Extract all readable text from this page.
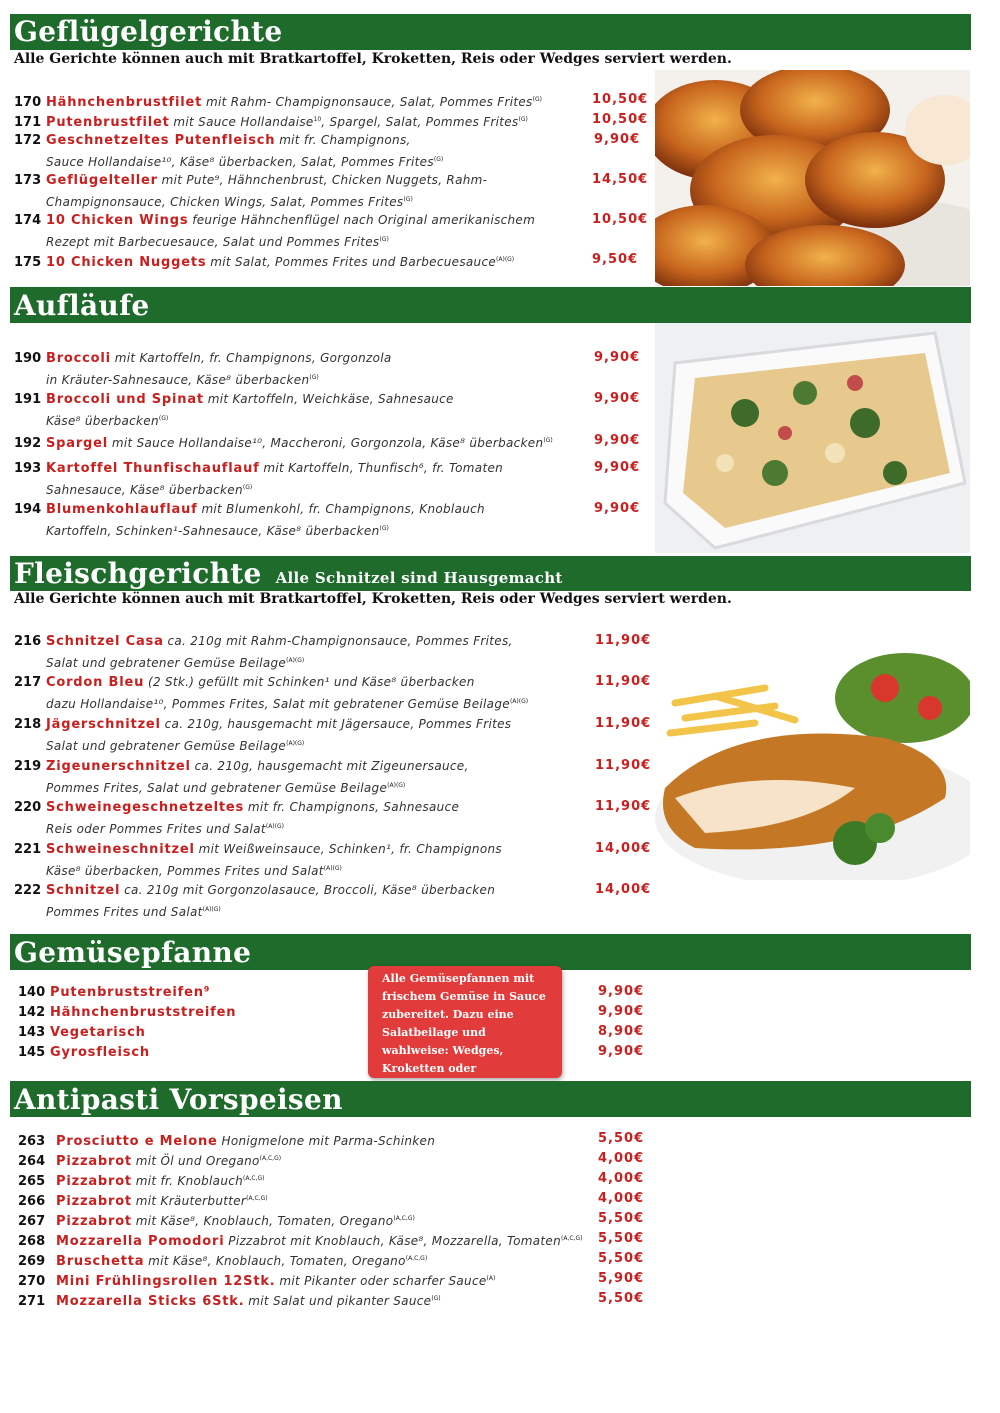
Geflügelgerichte
Alle Gerichte können auch mit Bratkartoffel, Kroketten, Reis oder Wedges serviert werden.
170 Hähnchenbrustfilet mit Rahm- Champignonsauce, Salat, Pommes Frites$^{(G)}$	10,50€
171 Putenbrustfilet mit Sauce Hollandaise$^{10}$, Spargel, Salat, Pommes Frites$^{(G)}$	10,50€
172 Geschnetzeltes Putenfleisch mit fr. Champignons,
Sauce Hollandaise¹⁰, Käse⁸ überbacken, Salat, Pommes Frites$^{(G)}$
9,90€
173 Geflügelteller mit Pute⁹, Hähnchenbrust, Chicken Nuggets, Rahm-
Champignonsauce, Chicken Wings, Salat, Pommes Frites$^{(G)}$
14,50€
174 10 Chicken Wings feurige Hähnchenflügel nach Original amerikanischem
Rezept mit Barbecuesauce, Salat und Pommes Frites$^{(G)}$
10,50€
175 10 Chicken Nuggets mit Salat, Pommes Frites und Barbecuesauce$^{(A)(G)}$	9,50€
Aufläufe
190 Broccoli mit Kartoffeln, fr. Champignons, Gorgonzola
in Kräuter-Sahnesauce, Käse⁸ überbacken$^{(G)}$
9,90€
191 Broccoli und Spinat mit Kartoffeln, Weichkäse, Sahnesauce
Käse⁸ überbacken$^{(G)}$
9,90€
192 Spargel mit Sauce Hollandaise¹⁰, Maccheroni, Gorgonzola, Käse⁸ überbacken$^{(G)}$	9,90€
193 Kartoffel Thunfischauflauf mit Kartoffeln, Thunfisch⁶, fr. Tomaten
Sahnesauce, Käse⁸ überbacken$^{(G)}$
9,90€
194 Blumenkohlauflauf mit Blumenkohl, fr. Champignons, Knoblauch
Kartoffeln, Schinken¹-Sahnesauce, Käse⁸ überbacken$^{(G)}$
9,90€
Fleischgerichte Alle Schnitzel sind Hausgemacht
Alle Gerichte können auch mit Bratkartoffel, Kroketten, Reis oder Wedges serviert werden.
216 Schnitzel Casa ca. 210g mit Rahm-Champignonsauce, Pommes Frites,
Salat und gebratener Gemüse Beilage$^{(A)(G)}$
11,90€
217 Cordon Bleu (2 Stk.) gefüllt mit Schinken¹ und Käse⁸ überbacken
dazu Hollandaise¹⁰, Pommes Frites, Salat mit gebratener Gemüse Beilage$^{(A)(G)}$
11,90€
218 Jägerschnitzel ca. 210g, hausgemacht mit Jägersauce, Pommes Frites
Salat und gebratener Gemüse Beilage$^{(A)(G)}$
11,90€
219 Zigeunerschnitzel ca. 210g, hausgemacht mit Zigeunersauce,
Pommes Frites, Salat und gebratener Gemüse Beilage$^{(A)(G)}$
11,90€
220 Schweinegeschnetzeltes mit fr. Champignons, Sahnesauce
Reis oder Pommes Frites und Salat$^{(A)(G)}$
11,90€
221 Schweineschnitzel mit Weißweinsauce, Schinken¹, fr. Champignons
Käse⁸ überbacken, Pommes Frites und Salat$^{(A)(G)}$
14,00€
222 Schnitzel ca. 210g mit Gorgonzolasauce, Broccoli, Käse⁸ überbacken
Pommes Frites und Salat$^{(A)(G)}$
14,00€
Gemüsepfanne
140 Putenbruststreifen⁹	9,90€
142 Hähnchenbruststreifen	9,90€
143 Vegetarisch	8,90€
145 Gyrosfleisch	9,90€
Alle Gemüsepfannen mit frischem Gemüse in Sauce zubereitet. Dazu eine Salatbeilage und wahlweise: Wedges, Kroketten oder
Antipasti Vorspeisen
263 Prosciutto e Melone Honigmelone mit Parma-Schinken	5,50€
264 Pizzabrot mit Öl und Oregano$^{(A,C,G)}$	4,00€
265 Pizzabrot mit fr. Knoblauch$^{(A,C,G)}$	4,00€
266 Pizzabrot mit Kräuterbutter$^{(A,C,G)}$	4,00€
267 Pizzabrot mit Käse⁸, Knoblauch, Tomaten, Oregano$^{(A,C,G)}$	5,50€
268 Mozzarella Pomodori Pizzabrot mit Knoblauch, Käse⁸, Mozzarella, Tomaten$^{(A,C,G)}$	5,50€
269 Bruschetta mit Käse⁸, Knoblauch, Tomaten, Oregano$^{(A,C,G)}$	5,50€
270 Mini Frühlingsrollen 12Stk. mit Pikanter oder scharfer Sauce$^{(A)}$	5,90€
271 Mozzarella Sticks 6Stk. mit Salat und pikanter Sauce$^{(G)}$	5,50€
